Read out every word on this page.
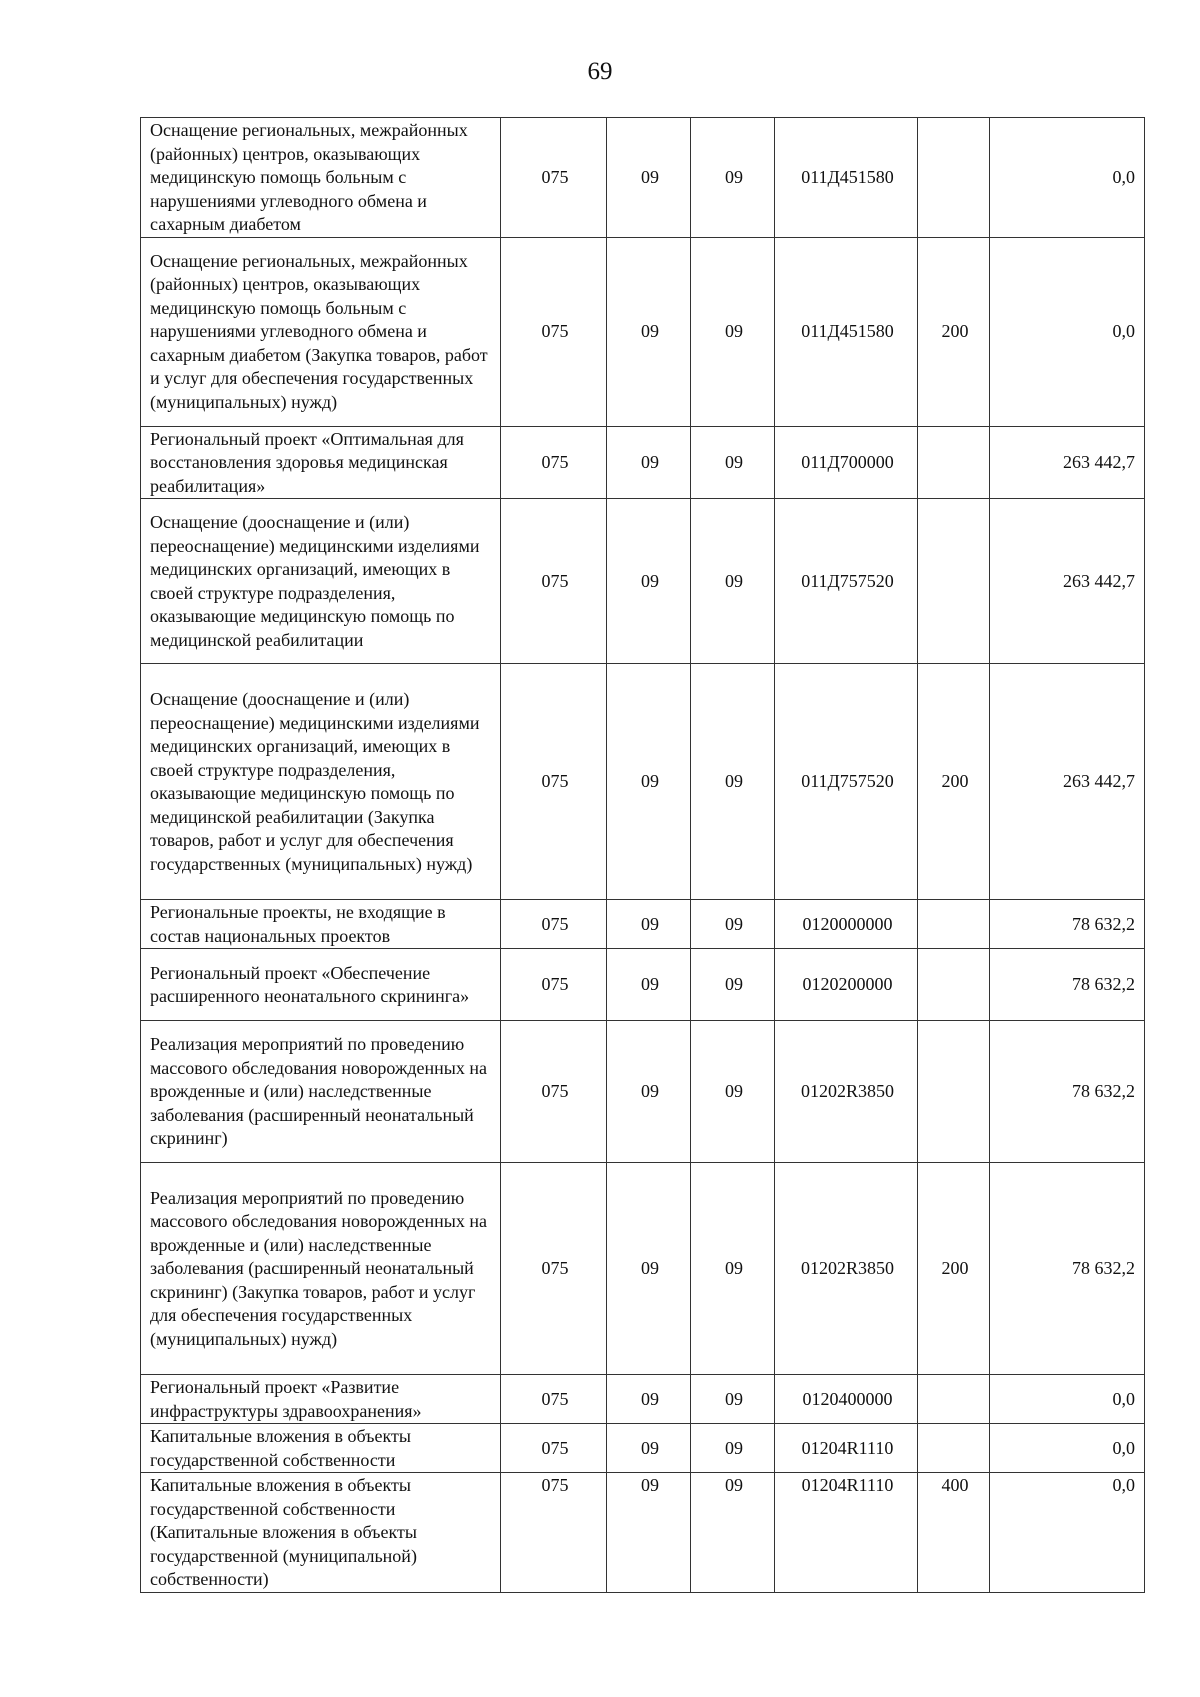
69
Оснащение региональных, межрайонных (районных) центров, оказывающих медицинскую помощь больным с нарушениями углеводного обмена и сахарным диабетом	075	09	09	011Д451580		0,0
Оснащение региональных, межрайонных (районных) центров, оказывающих медицинскую помощь больным с нарушениями углеводного обмена и сахарным диабетом (Закупка товаров, работ и услуг для обеспечения государственных (муниципальных) нужд)	075	09	09	011Д451580	200	0,0
Региональный проект «Оптимальная для восстановления здоровья медицинская реабилитация»	075	09	09	011Д700000		263 442,7
Оснащение (дооснащение и (или) переоснащение) медицинскими изделиями медицинских организаций, имеющих в своей структуре подразделения, оказывающие медицинскую помощь по медицинской реабилитации	075	09	09	011Д757520		263 442,7
Оснащение (дооснащение и (или) переоснащение) медицинскими изделиями медицинских организаций, имеющих в своей структуре подразделения, оказывающие медицинскую помощь по медицинской реабилитации (Закупка товаров, работ и услуг для обеспечения государственных (муниципальных) нужд)	075	09	09	011Д757520	200	263 442,7
Региональные проекты, не входящие в состав национальных проектов	075	09	09	0120000000		78 632,2
Региональный проект «Обеспечение расширенного неонатального скрининга»	075	09	09	0120200000		78 632,2
Реализация мероприятий по проведению массового обследования новорожденных на врожденные и (или) наследственные заболевания (расширенный неонатальный скрининг)	075	09	09	01202R3850		78 632,2
Реализация мероприятий по проведению массового обследования новорожденных на врожденные и (или) наследственные заболевания (расширенный неонатальный скрининг) (Закупка товаров, работ и услуг для обеспечения государственных (муниципальных) нужд)	075	09	09	01202R3850	200	78 632,2
Региональный проект «Развитие инфраструктуры здравоохранения»	075	09	09	0120400000		0,0
Капитальные вложения в объекты государственной собственности	075	09	09	01204R1110		0,0
Капитальные вложения в объекты государственной собственности (Капитальные вложения в объекты государственной (муниципальной) собственности)	075	09	09	01204R1110	400	0,0
